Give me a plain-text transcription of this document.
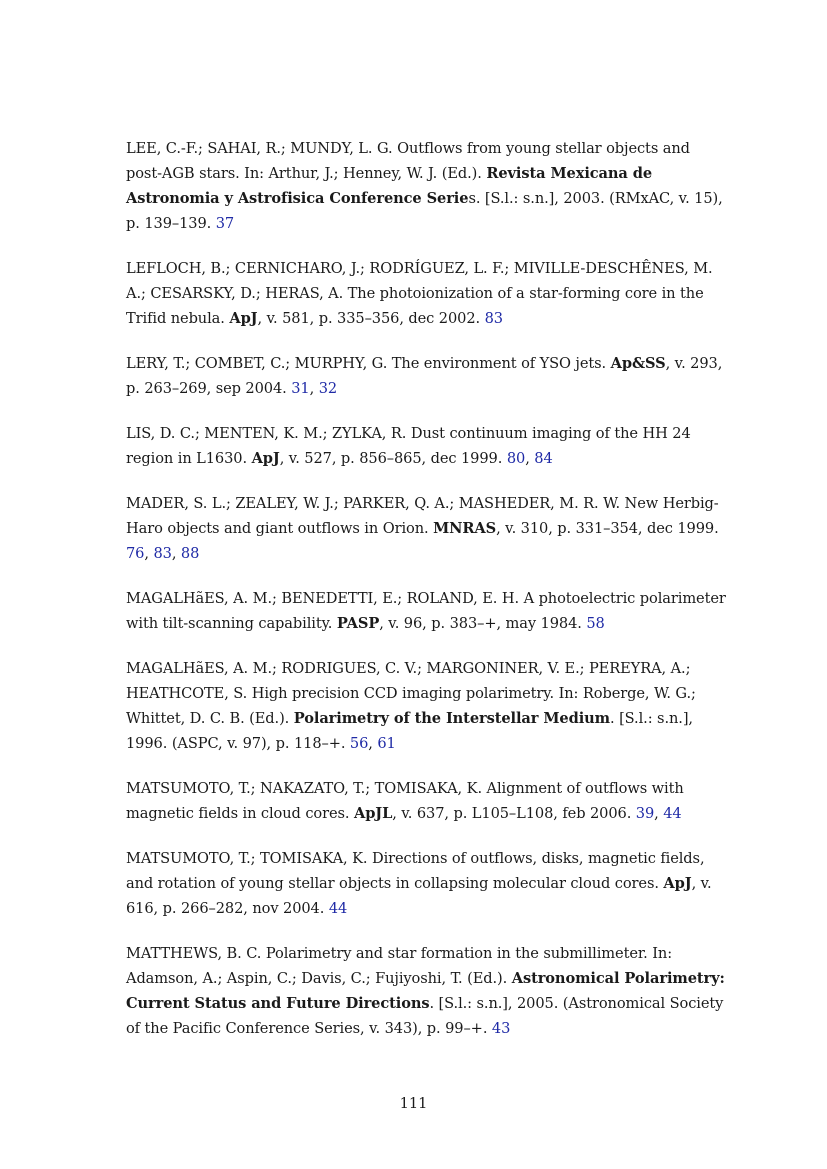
LEE, C.-F.; SAHAI, R.; MUNDY, L. G. Outflows from young stellar objects and post-AGB stars. In: Arthur, J.; Henney, W. J. (Ed.). Revista Mexicana de Astronomia y Astrofisica Conference Series. [S.l.: s.n.], 2003. (RMxAC, v. 15), p. 139–139. 37

LEFLOCH, B.; CERNICHARO, J.; RODRÍGUEZ, L. F.; MIVILLE-DESCHÊNES, M. A.; CESARSKY, D.; HERAS, A. The photoionization of a star-forming core in the Trifid nebula. ApJ, v. 581, p. 335–356, dec 2002. 83

LERY, T.; COMBET, C.; MURPHY, G. The environment of YSO jets. Ap&SS, v. 293, p. 263–269, sep 2004. 31, 32

LIS, D. C.; MENTEN, K. M.; ZYLKA, R. Dust continuum imaging of the HH 24 region in L1630. ApJ, v. 527, p. 856–865, dec 1999. 80, 84

MADER, S. L.; ZEALEY, W. J.; PARKER, Q. A.; MASHEDER, M. R. W. New Herbig-Haro objects and giant outflows in Orion. MNRAS, v. 310, p. 331–354, dec 1999. 76, 83, 88

MAGALHãES, A. M.; BENEDETTI, E.; ROLAND, E. H. A photoelectric polarimeter with tilt-scanning capability. PASP, v. 96, p. 383–+, may 1984. 58

MAGALHãES, A. M.; RODRIGUES, C. V.; MARGONINER, V. E.; PEREYRA, A.; HEATHCOTE, S. High precision CCD imaging polarimetry. In: Roberge, W. G.; Whittet, D. C. B. (Ed.). Polarimetry of the Interstellar Medium. [S.l.: s.n.], 1996. (ASPC, v. 97), p. 118–+. 56, 61

MATSUMOTO, T.; NAKAZATO, T.; TOMISAKA, K. Alignment of outflows with magnetic fields in cloud cores. ApJL, v. 637, p. L105–L108, feb 2006. 39, 44

MATSUMOTO, T.; TOMISAKA, K. Directions of outflows, disks, magnetic fields, and rotation of young stellar objects in collapsing molecular cloud cores. ApJ, v. 616, p. 266–282, nov 2004. 44

MATTHEWS, B. C. Polarimetry and star formation in the submillimeter. In: Adamson, A.; Aspin, C.; Davis, C.; Fujiyoshi, T. (Ed.). Astronomical Polarimetry: Current Status and Future Directions. [S.l.: s.n.], 2005. (Astronomical Society of the Pacific Conference Series, v. 343), p. 99–+. 43

111
